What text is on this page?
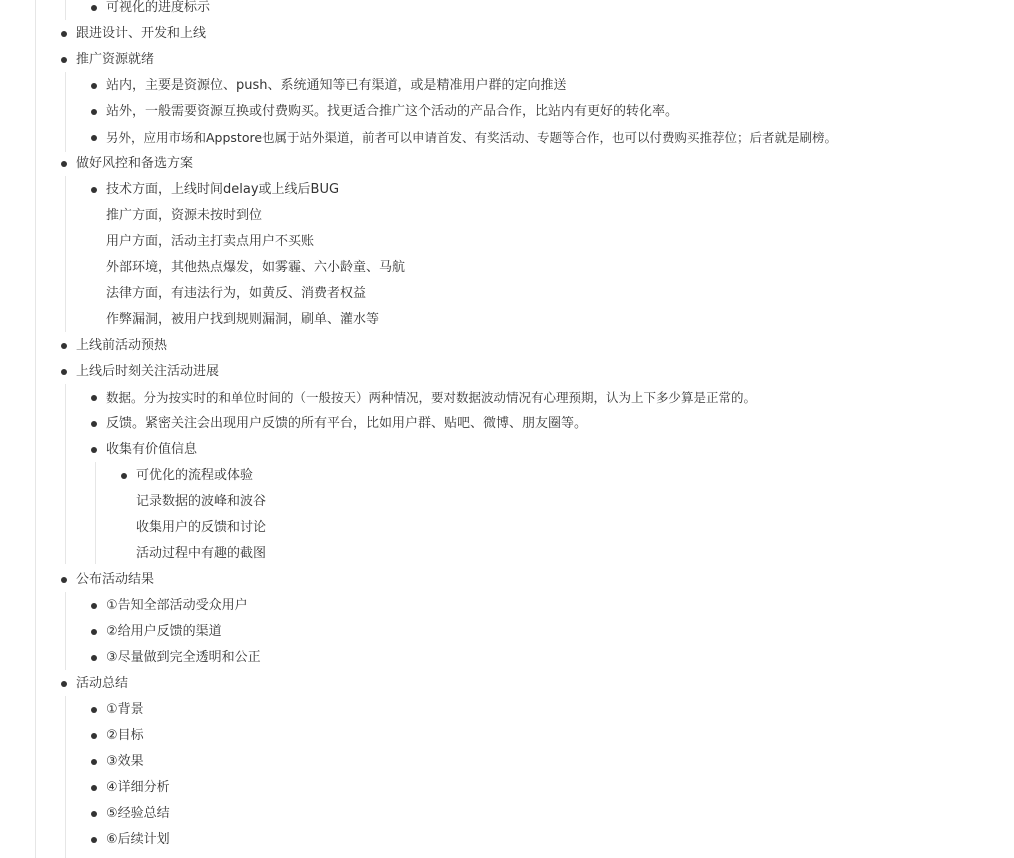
可视化的进度标示
跟进设计、开发和上线
推广资源就绪
站内，主要是资源位、push、系统通知等已有渠道，或是精准用户群的定向推送
站外，一般需要资源互换或付费购买。找更适合推广这个活动的产品合作，比站内有更好的转化率。
另外，应用市场和Appstore也属于站外渠道，前者可以申请首发、有奖活动、专题等合作，也可以付费购买推荐位；后者就是刷榜。
做好风控和备选方案
技术方面，上线时间delay或上线后BUG
推广方面，资源未按时到位
用户方面，活动主打卖点用户不买账
外部环境，其他热点爆发，如雾霾、六小龄童、马航
法律方面，有违法行为，如黄反、消费者权益
作弊漏洞，被用户找到规则漏洞，刷单、灌水等
上线前活动预热
上线后时刻关注活动进展
数据。分为按实时的和单位时间的（一般按天）两种情况，要对数据波动情况有心理预期，认为上下多少算是正常的。
反馈。紧密关注会出现用户反馈的所有平台，比如用户群、贴吧、微博、朋友圈等。
收集有价值信息
可优化的流程或体验
记录数据的波峰和波谷
收集用户的反馈和讨论
活动过程中有趣的截图
公布活动结果
①告知全部活动受众用户
②给用户反馈的渠道
③尽量做到完全透明和公正
活动总结
①背景
②目标
③效果
④详细分析
⑤经验总结
⑥后续计划
